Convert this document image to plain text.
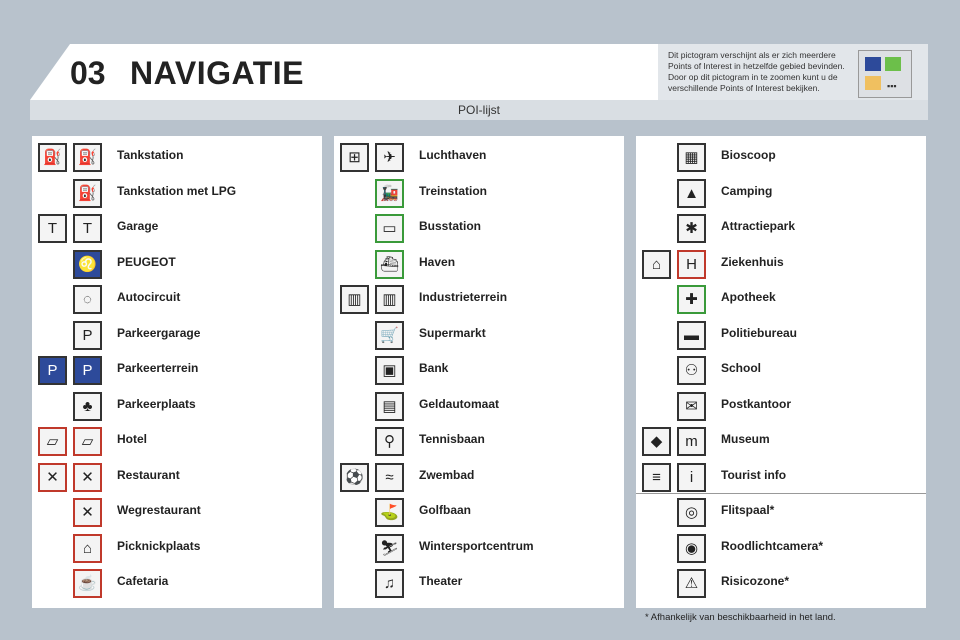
03 NAVIGATIE	Dit pictogram verschijnt als er zich meerdere Points of Interest in hetzelfde gebied bevinden. Door op dit pictogram in te zoomen kunt u de verschillende Points of Interest bekijken.	▪▪▪
POI-lijst
⛽	⛽	Tankstation
⛽	Tankstation met LPG
T	T	Garage
♌	PEUGEOT
◌	Autocircuit
P	Parkeergarage
P	P	Parkeerterrein
♣	Parkeerplaats
▱	▱	Hotel
✕	✕	Restaurant
✕	Wegrestaurant
⌂	Picknickplaats
☕	Cafetaria
⊞	✈	Luchthaven
🚂	Treinstation
▭	Busstation
⛴	Haven
▥	▥	Industrieterrein
🛒	Supermarkt
▣	Bank
▤	Geldautomaat
⚲	Tennisbaan
⚽	≈	Zwembad
⛳	Golfbaan
⛷	Wintersportcentrum
♫	Theater
▦	Bioscoop
▲	Camping
✱	Attractiepark
⌂	H	Ziekenhuis
✚	Apotheek
▬	Politiebureau
⚇	School
✉	Postkantoor
◆	m	Museum
≡	i	Tourist info
◎	Flitspaal*
◉	Roodlichtcamera*
⚠	Risicozone*
* Afhankelijk van beschikbaarheid in het land.
